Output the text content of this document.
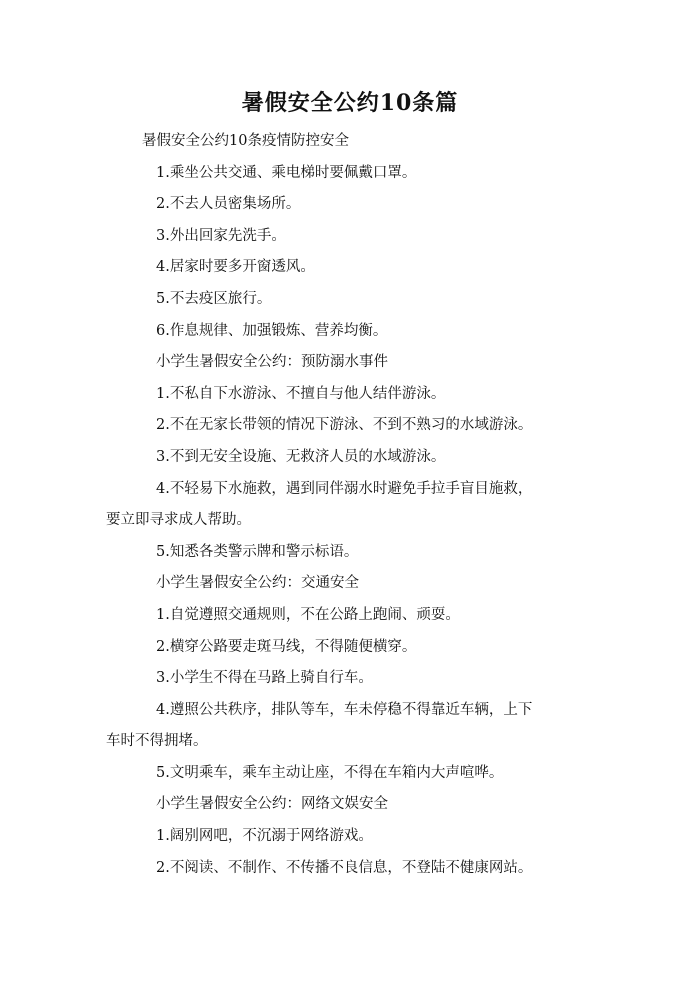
暑假安全公约10条篇

暑假安全公约10条疫情防控安全

1.乘坐公共交通、乘电梯时要佩戴口罩。

2.不去人员密集场所。

3.外出回家先洗手。

4.居家时要多开窗透风。

5.不去疫区旅行。

6.作息规律、加强锻炼、营养均衡。

小学生暑假安全公约：预防溺水事件

1.不私自下水游泳、不擅自与他人结伴游泳。

2.不在无家长带领的情况下游泳、不到不熟习的水域游泳。

3.不到无安全设施、无救济人员的水域游泳。

4.不轻易下水施救，遇到同伴溺水时避免手拉手盲目施救，

要立即寻求成人帮助。

5.知悉各类警示牌和警示标语。

小学生暑假安全公约：交通安全

1.自觉遵照交通规则，不在公路上跑闹、顽耍。

2.横穿公路要走斑马线，不得随便横穿。

3.小学生不得在马路上骑自行车。

4.遵照公共秩序，排队等车，车未停稳不得靠近车辆，上下

车时不得拥堵。

5.文明乘车，乘车主动让座，不得在车箱内大声喧哗。

小学生暑假安全公约：网络文娱安全

1.阔别网吧，不沉溺于网络游戏。

2.不阅读、不制作、不传播不良信息，不登陆不健康网站。
